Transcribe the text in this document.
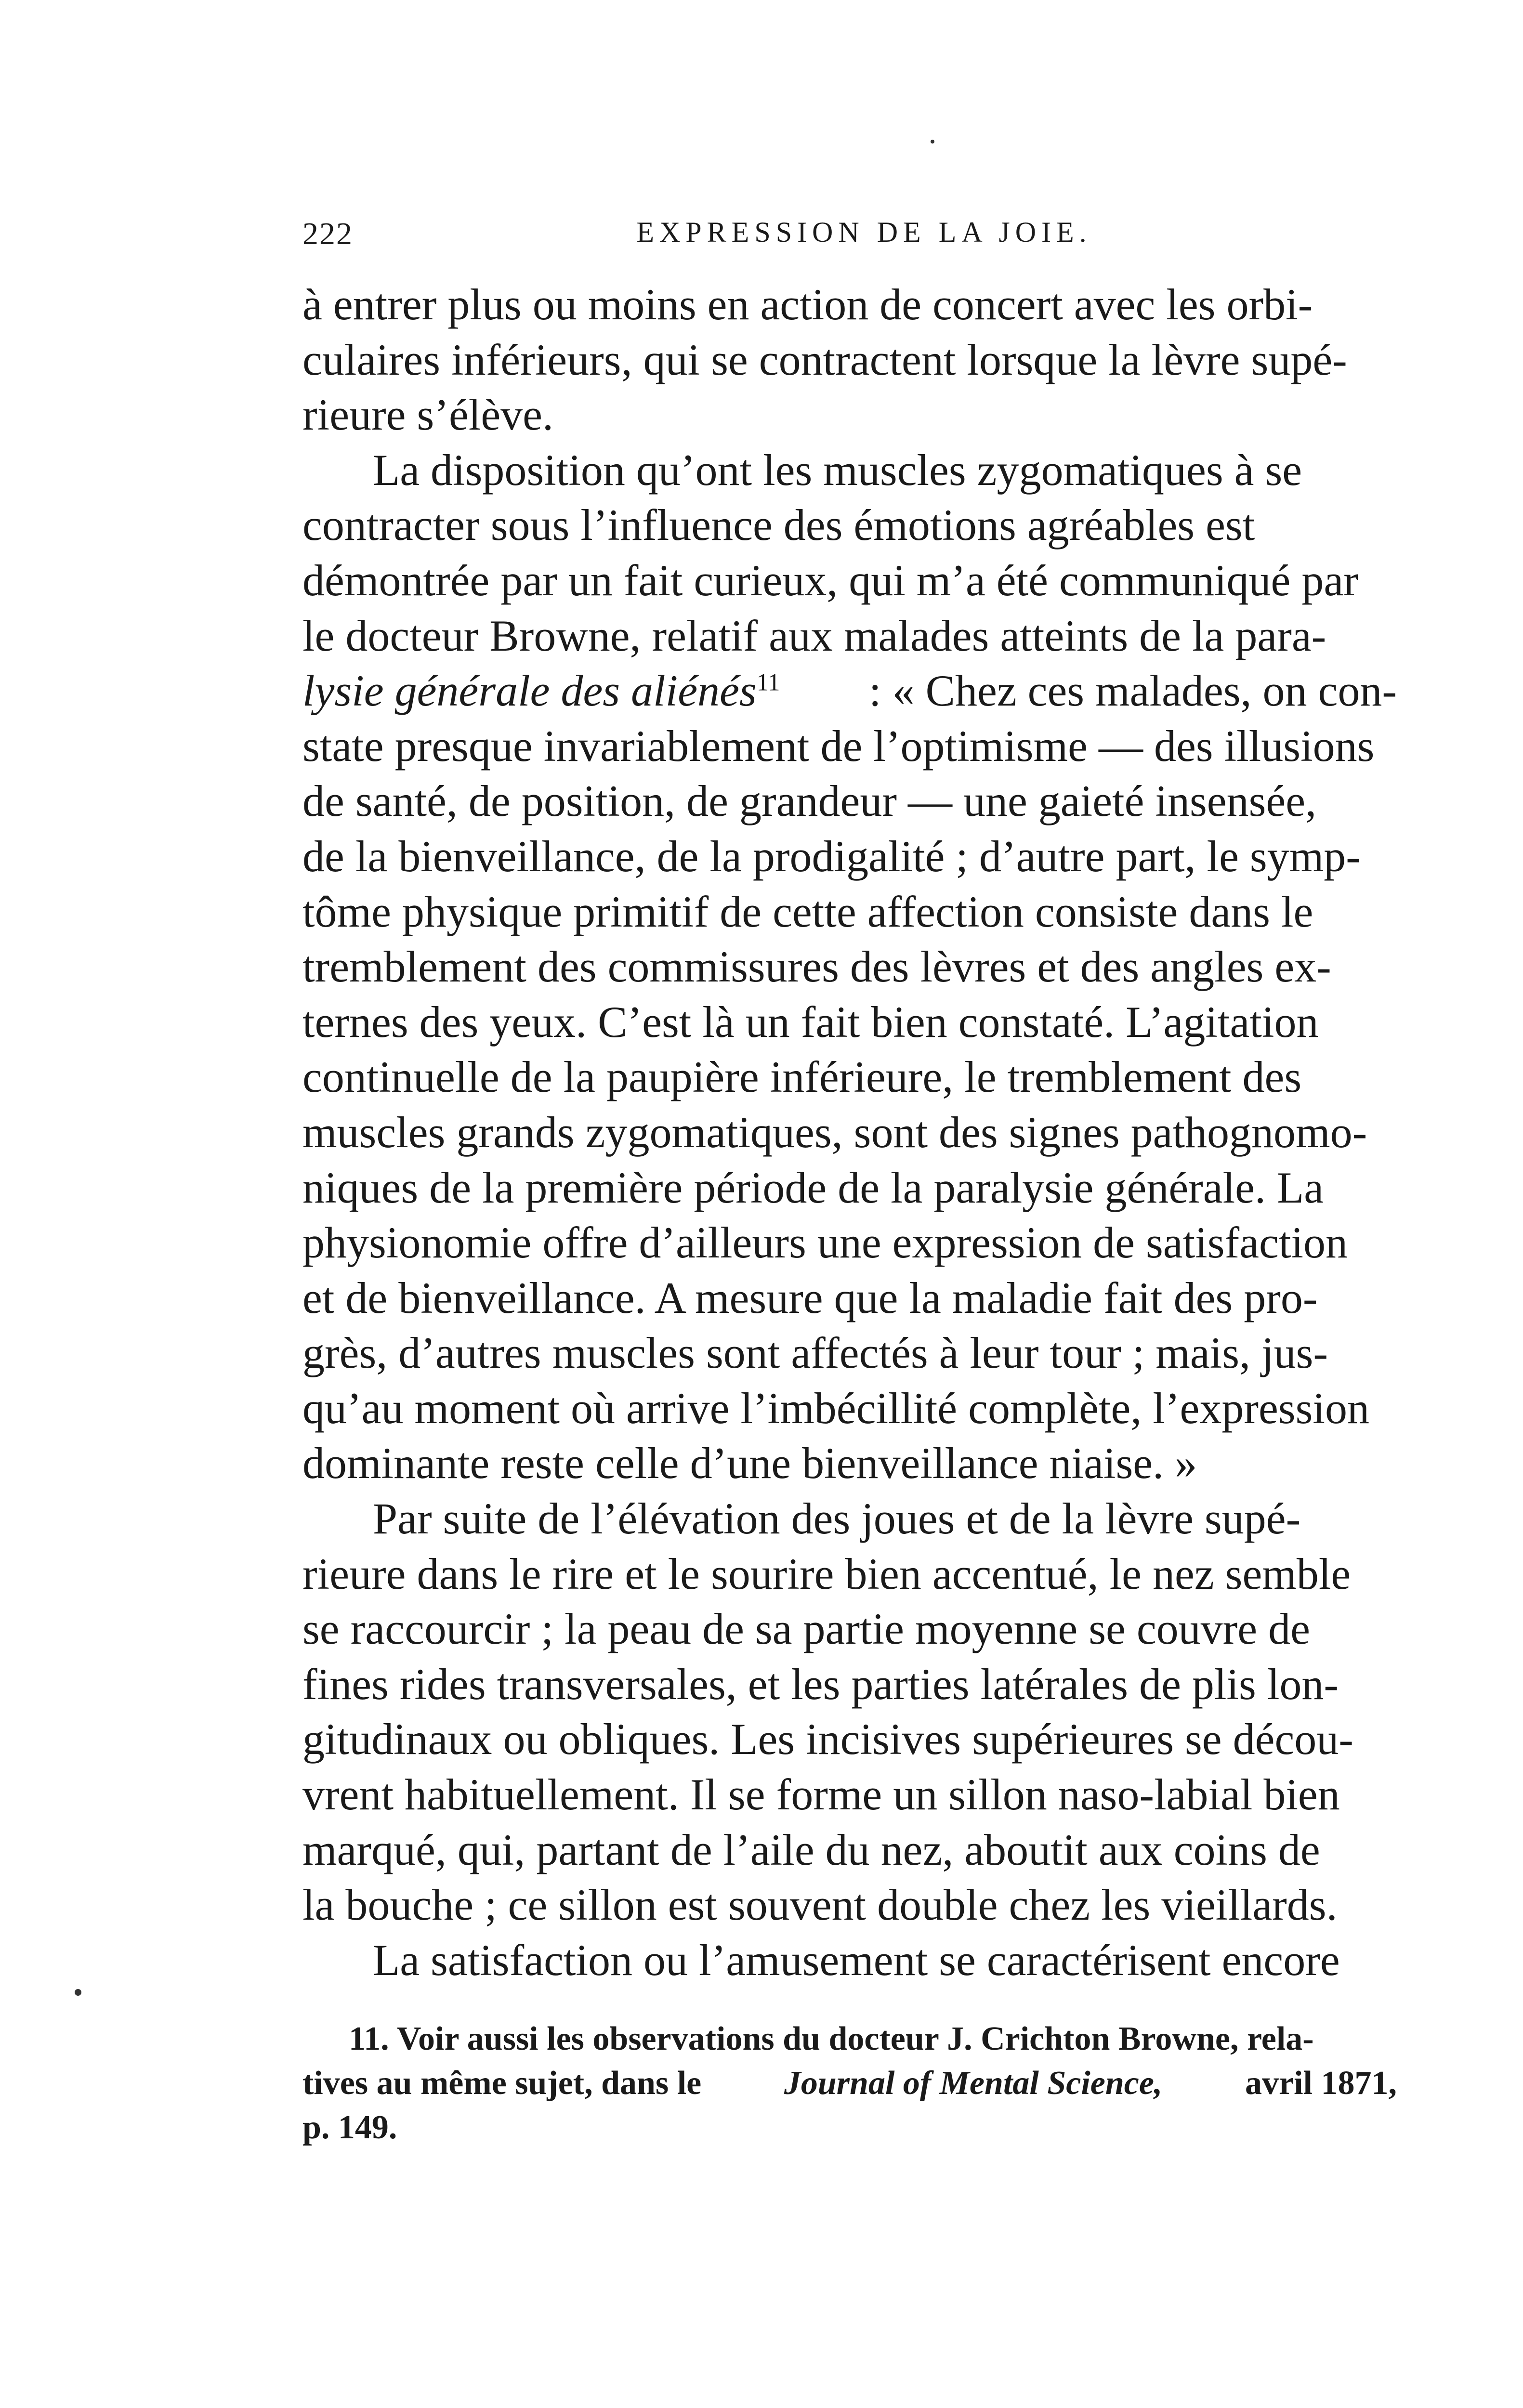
222	EXPRESSION DE LA JOIE.
à entrer plus ou moins en action de concert avec les orbi-
culaires inférieurs, qui se contractent lorsque la lèvre supé-
rieure s’élève.
La disposition qu’ont les muscles zygomatiques à se
contracter sous l’influence des émotions agréables est
démontrée par un fait curieux, qui m’a été communiqué par
le docteur Browne, relatif aux malades atteints de la para-
lysie générale des aliénés$^{11}$ : « Chez ces malades, on con-
state presque invariablement de l’optimisme — des illusions
de santé, de position, de grandeur — une gaieté insensée,
de la bienveillance, de la prodigalité ; d’autre part, le symp-
tôme physique primitif de cette affection consiste dans le
tremblement des commissures des lèvres et des angles ex-
ternes des yeux. C’est là un fait bien constaté. L’agitation
continuelle de la paupière inférieure, le tremblement des
muscles grands zygomatiques, sont des signes pathognomo-
niques de la première période de la paralysie générale. La
physionomie offre d’ailleurs une expression de satisfaction
et de bienveillance. A mesure que la maladie fait des pro-
grès, d’autres muscles sont affectés à leur tour ; mais, jus-
qu’au moment où arrive l’imbécillité complète, l’expression
dominante reste celle d’une bienveillance niaise. »
Par suite de l’élévation des joues et de la lèvre supé-
rieure dans le rire et le sourire bien accentué, le nez semble
se raccourcir ; la peau de sa partie moyenne se couvre de
fines rides transversales, et les parties latérales de plis lon-
gitudinaux ou obliques. Les incisives supérieures se décou-
vrent habituellement. Il se forme un sillon naso-labial bien
marqué, qui, partant de l’aile du nez, aboutit aux coins de
la bouche ; ce sillon est souvent double chez les vieillards.
La satisfaction ou l’amusement se caractérisent encore
11. Voir aussi les observations du docteur J. Crichton Browne, rela-
tives au même sujet, dans le Journal of Mental Science, avril 1871,
p. 149.
